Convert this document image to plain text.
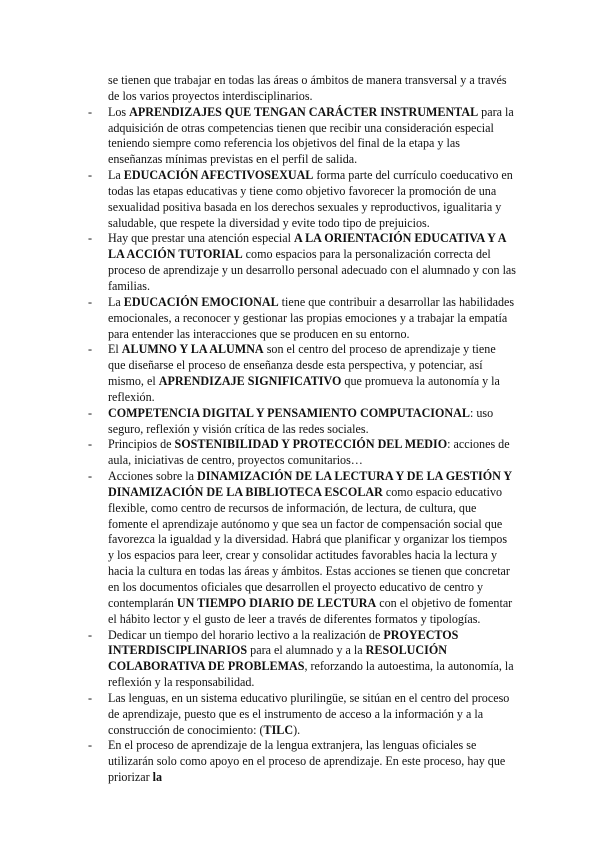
se tienen que trabajar en todas las áreas o ámbitos de manera transversal y a través de los varios proyectos interdisciplinarios.

- Los APRENDIZAJES QUE TENGAN CARÁCTER INSTRUMENTAL para la adquisición de otras competencias tienen que recibir una consideración especial teniendo siempre como referencia los objetivos del final de la etapa y las enseñanzas mínimas previstas en el perfil de salida.

- La EDUCACIÓN AFECTIVOSEXUAL forma parte del currículo coeducativo en todas las etapas educativas y tiene como objetivo favorecer la promoción de una sexualidad positiva basada en los derechos sexuales y reproductivos, igualitaria y saludable, que respete la diversidad y evite todo tipo de prejuicios.

- Hay que prestar una atención especial A LA ORIENTACIÓN EDUCATIVA Y A LA ACCIÓN TUTORIAL como espacios para la personalización correcta del proceso de aprendizaje y un desarrollo personal adecuado con el alumnado y con las familias.

- La EDUCACIÓN EMOCIONAL tiene que contribuir a desarrollar las habilidades emocionales, a reconocer y gestionar las propias emociones y a trabajar la empatía para entender las interacciones que se producen en su entorno.

- El ALUMNO Y LA ALUMNA son el centro del proceso de aprendizaje y tiene que diseñarse el proceso de enseñanza desde esta perspectiva, y potenciar, así mismo, el APRENDIZAJE SIGNIFICATIVO que promueva la autonomía y la reflexión.

- COMPETENCIA DIGITAL Y PENSAMIENTO COMPUTACIONAL: uso seguro, reflexión y visión crítica de las redes sociales.

- Principios de SOSTENIBILIDAD Y PROTECCIÓN DEL MEDIO: acciones de aula, iniciativas de centro, proyectos comunitarios…

- Acciones sobre la DINAMIZACIÓN DE LA LECTURA Y DE LA GESTIÓN Y DINAMIZACIÓN DE LA BIBLIOTECA ESCOLAR como espacio educativo flexible, como centro de recursos de información, de lectura, de cultura, que fomente el aprendizaje autónomo y que sea un factor de compensación social que favorezca la igualdad y la diversidad. Habrá que planificar y organizar los tiempos y los espacios para leer, crear y consolidar actitudes favorables hacia la lectura y hacia la cultura en todas las áreas y ámbitos. Estas acciones se tienen que concretar en los documentos oficiales que desarrollen el proyecto educativo de centro y contemplarán UN TIEMPO DIARIO DE LECTURA con el objetivo de fomentar el hábito lector y el gusto de leer a través de diferentes formatos y tipologías.

- Dedicar un tiempo del horario lectivo a la realización de PROYECTOS INTERDISCIPLINARIOS para el alumnado y a la RESOLUCIÓN COLABORATIVA DE PROBLEMAS, reforzando la autoestima, la autonomía, la reflexión y la responsabilidad.

- Las lenguas, en un sistema educativo plurilingüe, se sitúan en el centro del proceso de aprendizaje, puesto que es el instrumento de acceso a la información y a la construcción de conocimiento: (TILC).

- En el proceso de aprendizaje de la lengua extranjera, las lenguas oficiales se utilizarán solo como apoyo en el proceso de aprendizaje. En este proceso, hay que priorizar la
